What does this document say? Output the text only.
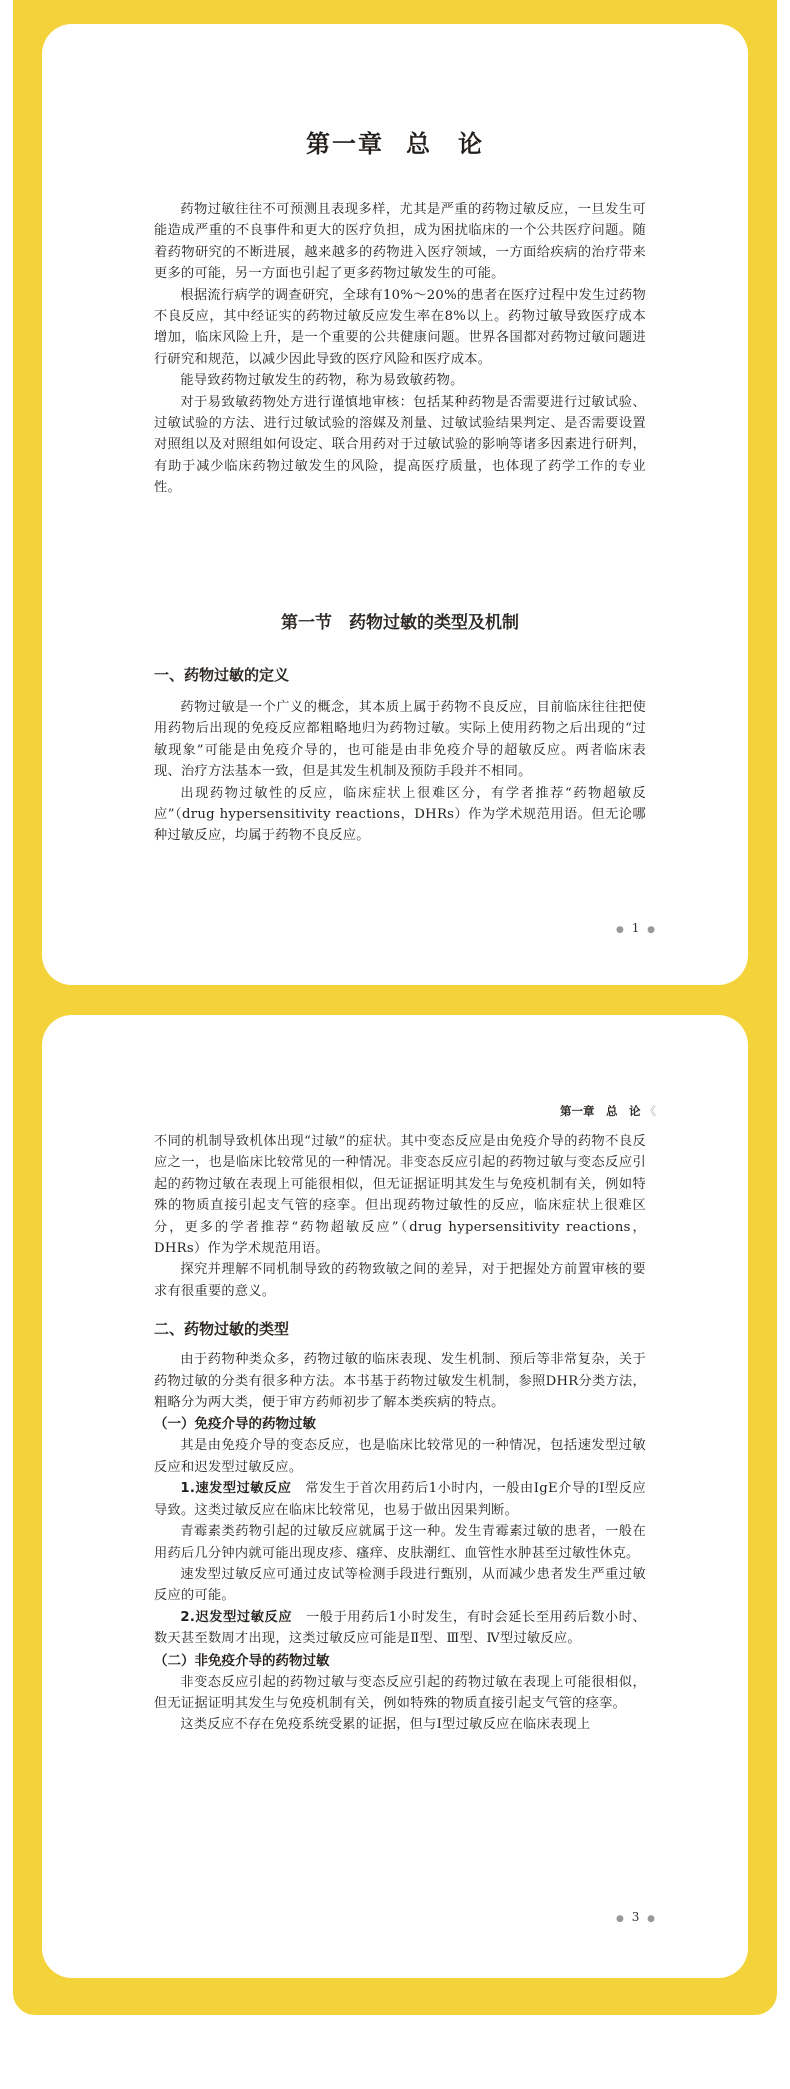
第一章 总　论

药物过敏往往不可预测且表现多样，尤其是严重的药物过敏反应，一旦发生可能造成严重的不良事件和更大的医疗负担，成为困扰临床的一个公共医疗问题。随着药物研究的不断进展，越来越多的药物进入医疗领域，一方面给疾病的治疗带来更多的可能，另一方面也引起了更多药物过敏发生的可能。

根据流行病学的调查研究，全球有10%～20%的患者在医疗过程中发生过药物不良反应，其中经证实的药物过敏反应发生率在8%以上。药物过敏导致医疗成本增加，临床风险上升，是一个重要的公共健康问题。世界各国都对药物过敏问题进行研究和规范，以减少因此导致的医疗风险和医疗成本。

能导致药物过敏发生的药物，称为易致敏药物。

对于易致敏药物处方进行谨慎地审核：包括某种药物是否需要进行过敏试验、过敏试验的方法、进行过敏试验的溶媒及剂量、过敏试验结果判定、是否需要设置对照组以及对照组如何设定、联合用药对于过敏试验的影响等诸多因素进行研判，有助于减少临床药物过敏发生的风险，提高医疗质量，也体现了药学工作的专业性。

第一节　药物过敏的类型及机制
一、药物过敏的定义

药物过敏是一个广义的概念，其本质上属于药物不良反应，目前临床往往把使用药物后出现的免疫反应都粗略地归为药物过敏。实际上使用药物之后出现的“过敏现象”可能是由免疫介导的，也可能是由非免疫介导的超敏反应。两者临床表现、治疗方法基本一致，但是其发生机制及预防手段并不相同。

出现药物过敏性的反应，临床症状上很难区分，有学者推荐“药物超敏反应”（drug hypersensitivity reactions，DHRs）作为学术规范用语。但无论哪种过敏反应，均属于药物不良反应。

● 1 ●
第一章　总　论 《

不同的机制导致机体出现“过敏”的症状。其中变态反应是由免疫介导的药物不良反应之一，也是临床比较常见的一种情况。非变态反应引起的药物过敏与变态反应引起的药物过敏在表现上可能很相似，但无证据证明其发生与免疫机制有关，例如特殊的物质直接引起支气管的痉挛。但出现药物过敏性的反应，临床症状上很难区分，更多的学者推荐“药物超敏反应”（drug hypersensitivity reactions，DHRs）作为学术规范用语。

探究并理解不同机制导致的药物致敏之间的差异，对于把握处方前置审核的要求有很重要的意义。

二、药物过敏的类型

由于药物种类众多，药物过敏的临床表现、发生机制、预后等非常复杂，关于药物过敏的分类有很多种方法。本书基于药物过敏发生机制，参照DHR分类方法，粗略分为两大类，便于审方药师初步了解本类疾病的特点。

（一）免疫介导的药物过敏

其是由免疫介导的变态反应，也是临床比较常见的一种情况，包括速发型过敏反应和迟发型过敏反应。

1.速发型过敏反应　 常发生于首次用药后1小时内，一般由IgE介导的Ⅰ型反应导致。这类过敏反应在临床比较常见，也易于做出因果判断。

青霉素类药物引起的过敏反应就属于这一种。发生青霉素过敏的患者，一般在用药后几分钟内就可能出现皮疹、瘙痒、皮肤潮红、血管性水肿甚至过敏性休克。

速发型过敏反应可通过皮试等检测手段进行甄别，从而减少患者发生严重过敏反应的可能。

2.迟发型过敏反应　 一般于用药后1小时发生，有时会延长至用药后数小时、数天甚至数周才出现，这类过敏反应可能是Ⅱ型、Ⅲ型、Ⅳ型过敏反应。

（二）非免疫介导的药物过敏

非变态反应引起的药物过敏与变态反应引起的药物过敏在表现上可能很相似，但无证据证明其发生与免疫机制有关，例如特殊的物质直接引起支气管的痉挛。

这类反应不存在免疫系统受累的证据，但与Ⅰ型过敏反应在临床表现上

● 3 ●
